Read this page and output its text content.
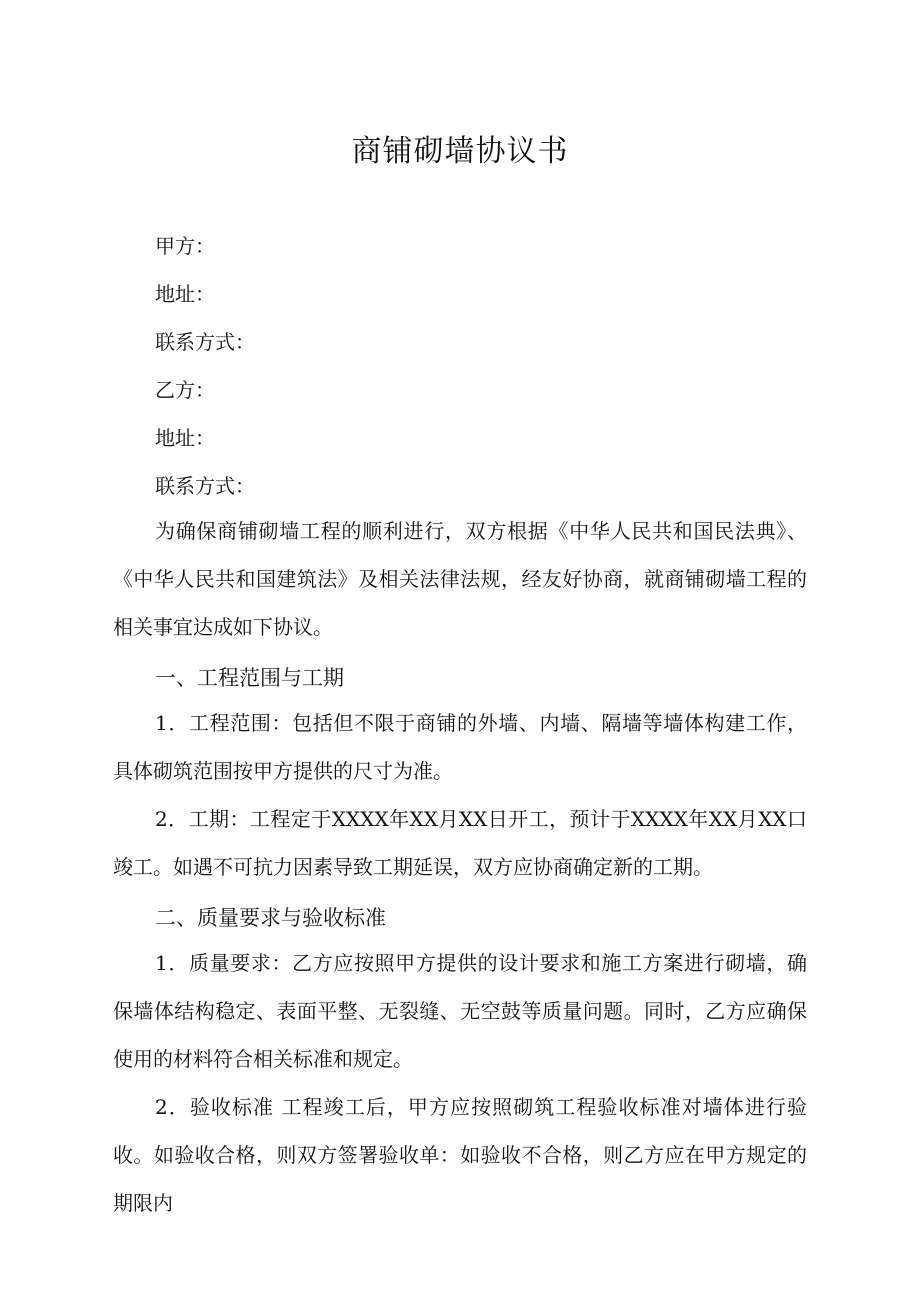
商铺砌墙协议书
甲方：
地址：
联系方式：
乙方：
地址：
联系方式：

为确保商铺砌墙工程的顺利进行，双方根据《中华人民共和国民法典》、《中华人民共和国建筑法》及相关法律法规，经友好协商，就商铺砌墙工程的相关事宜达成如下协议。

一、工程范围与工期

1．工程范围：包括但不限于商铺的外墙、内墙、隔墙等墙体构建工作，具体砌筑范围按甲方提供的尺寸为准。

2．工期：工程定于XXXX年XX月XX日开工，预计于XXXX年XX月XX口竣工。如遇不可抗力因素导致工期延误，双方应协商确定新的工期。

二、质量要求与验收标准

1．质量要求：乙方应按照甲方提供的设计要求和施工方案进行砌墙，确保墙体结构稳定、表面平整、无裂缝、无空鼓等质量问题。同时，乙方应确保使用的材料符合相关标准和规定。

2．验收标准 工程竣工后，甲方应按照砌筑工程验收标准对墙体进行验收。如验收合格，则双方签署验收单：如验收不合格，则乙方应在甲方规定的期限内
